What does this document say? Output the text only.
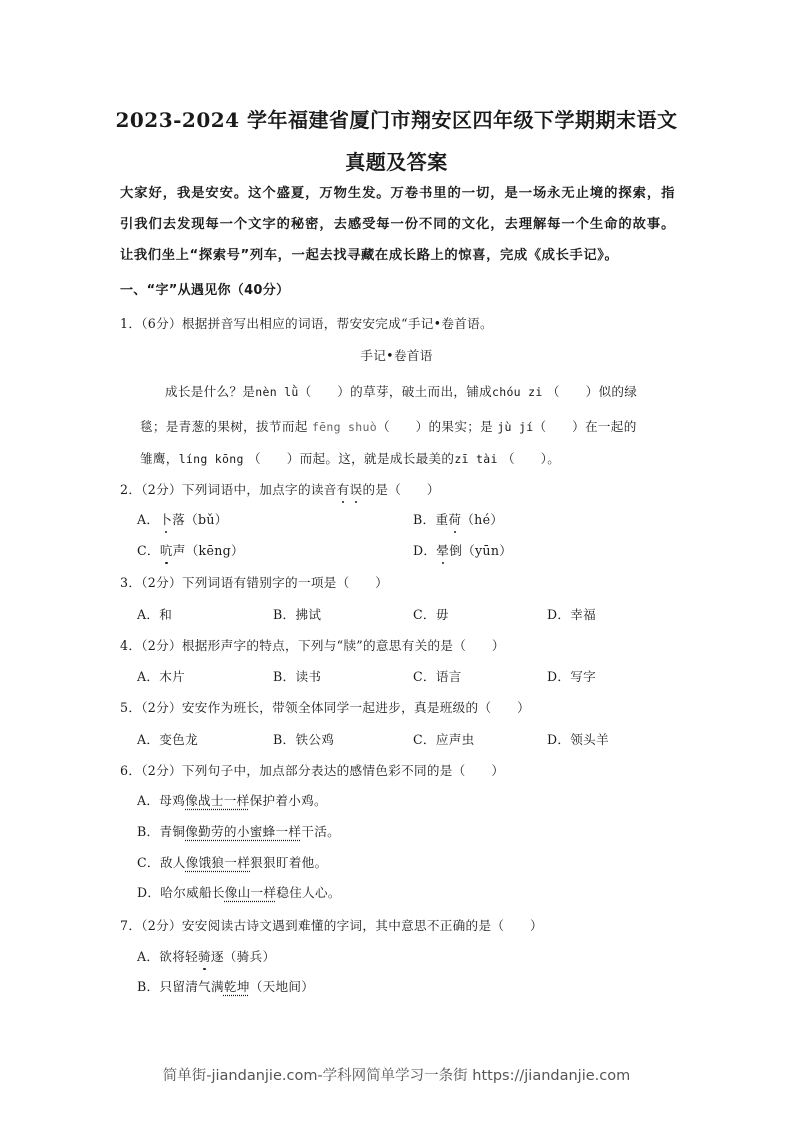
2023-2024 学年福建省厦门市翔安区四年级下学期期末语文
真题及答案
大家好，我是安安。这个盛夏，万物生发。万卷书里的一切，是一场永无止境的探索，指引我们去发现每一个文字的秘密，去感受每一份不同的文化，去理解每一个生命的故事。让我们坐上“探索号”列车，一起去找寻藏在成长路上的惊喜，完成《成长手记》。
一、“字”从遇见你（40分）
1．（6分）根据拼音写出相应的词语，帮安安完成“手记•卷首语。
手记•卷首语
成长是什么？是nèn lǜ（　　）的草芽，破土而出，铺成chóu zi （　　）似的绿
毯；是青葱的果树，拔节而起 fēng shuò（　　）的果实；是 jù jí（　　）在一起的
雏鹰，líng kōng （　　）而起。这，就是成长最美的zī tài （　　）。
2．（2分）下列词语中，加点字的读音有误的是（　　）
A．卜落（bǔ）	B．重荷（hé）
C．吭声（kēng）	D．晕倒（yūn）
3．（2分）下列词语有错别字的一项是（　　）
A．和	B．拂试	C．毋	D．幸福
4．（2分）根据形声字的特点，下列与“牍”的意思有关的是（　　）
A．木片	B．读书	C．语言	D．写字
5．（2分）安安作为班长，带领全体同学一起进步，真是班级的（　　）
A．变色龙	B．铁公鸡	C．应声虫	D．领头羊
6．（2分）下列句子中，加点部分表达的感情色彩不同的是（　　）
A．母鸡像战士一样保护着小鸡。
B．青铜像勤劳的小蜜蜂一样干活。
C．敌人像饿狼一样狠狠盯着他。
D．哈尔威船长像山一样稳住人心。
7．（2分）安安阅读古诗文遇到难懂的字词，其中意思不正确的是（　　）
A．欲将轻骑逐（骑兵）
B．只留清气满乾坤（天地间）
简单街-jiandanjie.com-学科网简单学习一条街 https://jiandanjie.com
